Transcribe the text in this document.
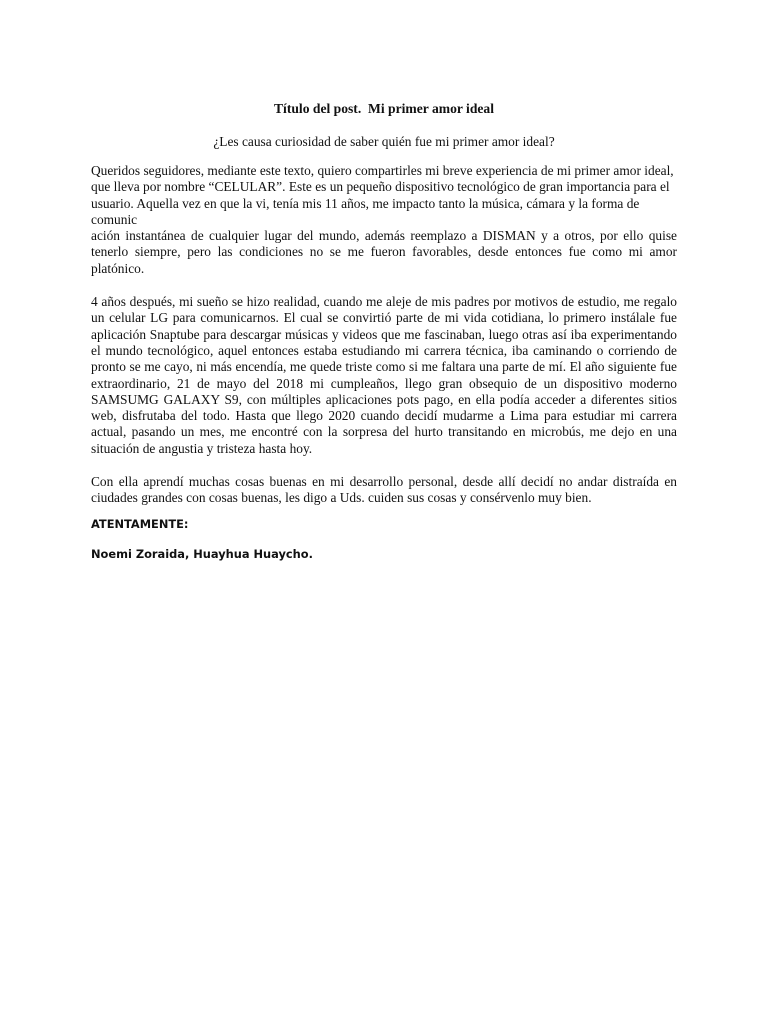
Título del post.  Mi primer amor ideal

¿Les causa curiosidad de saber quién fue mi primer amor ideal?

Queridos seguidores, mediante este texto, quiero compartirles mi breve experiencia de mi primer amor ideal, que lleva por nombre “CELULAR”. Este es un pequeño dispositivo tecnológico de gran importancia para el usuario. Aquella vez en que la vi, tenía mis 11 años, me impacto tanto la música, cámara y la forma de comunic
ación instantánea de cualquier lugar del mundo, además reemplazo a DISMAN y a otros, por ello quise tenerlo siempre, pero las condiciones no se me fueron favorables, desde entonces fue como mi amor platónico.

4 años después, mi sueño se hizo realidad, cuando me aleje de mis padres por motivos de estudio, me regalo un celular LG para comunicarnos. El cual se convirtió parte de mi vida cotidiana, lo primero instálale fue aplicación Snaptube para descargar músicas y videos que me fascinaban, luego otras así iba experimentando el mundo tecnológico, aquel entonces estaba estudiando mi carrera técnica, iba caminando o corriendo de pronto se me cayo, ni más encendía, me quede triste como si me faltara una parte de mí. El año siguiente fue extraordinario, 21 de mayo del 2018 mi cumpleaños, llego gran obsequio de un dispositivo moderno SAMSUMG GALAXY S9, con múltiples aplicaciones pots pago, en ella podía acceder a diferentes sitios web, disfrutaba del todo. Hasta que llego 2020 cuando decidí mudarme a Lima para estudiar mi carrera actual, pasando un mes, me encontré con la sorpresa del hurto transitando en microbús, me dejo en una situación de angustia y tristeza hasta hoy.

Con ella aprendí muchas cosas buenas en mi desarrollo personal, desde allí decidí no andar distraída en ciudades grandes con cosas buenas, les digo a Uds. cuiden sus cosas y consérvenlo muy bien.

ATENTAMENTE:

Noemi Zoraida, Huayhua Huaycho.
